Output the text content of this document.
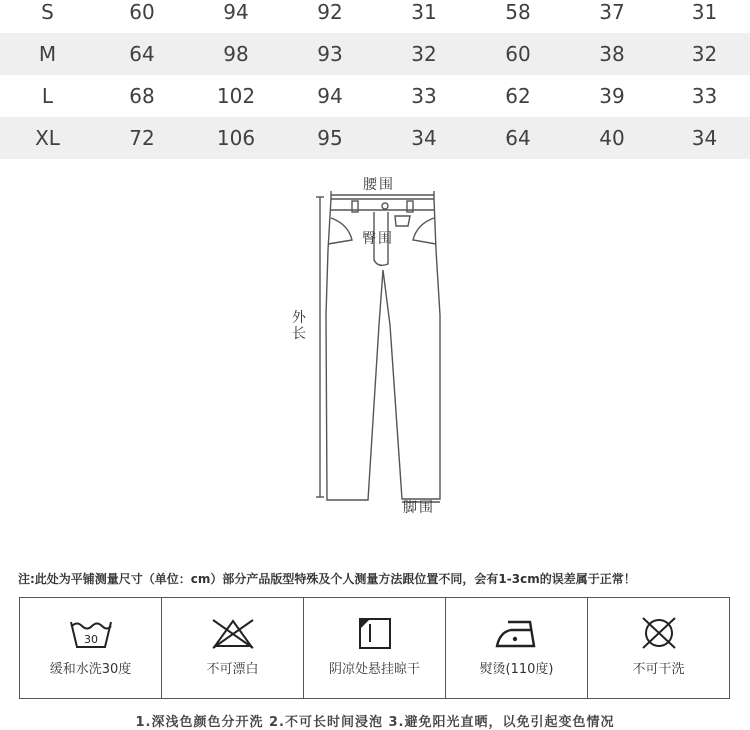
S	60	94	92	31	58	37	31
M	64	98	93	32	60	38	32
L	68	102	94	33	62	39	33
XL	72	106	95	34	64	40	34
腰围
臀围
外长
脚围
注:此处为平铺测量尺寸（单位：cm）部分产品版型特殊及个人测量方法跟位置不同，会有1-3cm的误差属于正常！
30
缓和水洗30度	不可漂白	阴凉处悬挂晾干	熨烫(110度)	不可干洗
1.深浅色颜色分开洗 2.不可长时间浸泡 3.避免阳光直晒，以免引起变色情况
